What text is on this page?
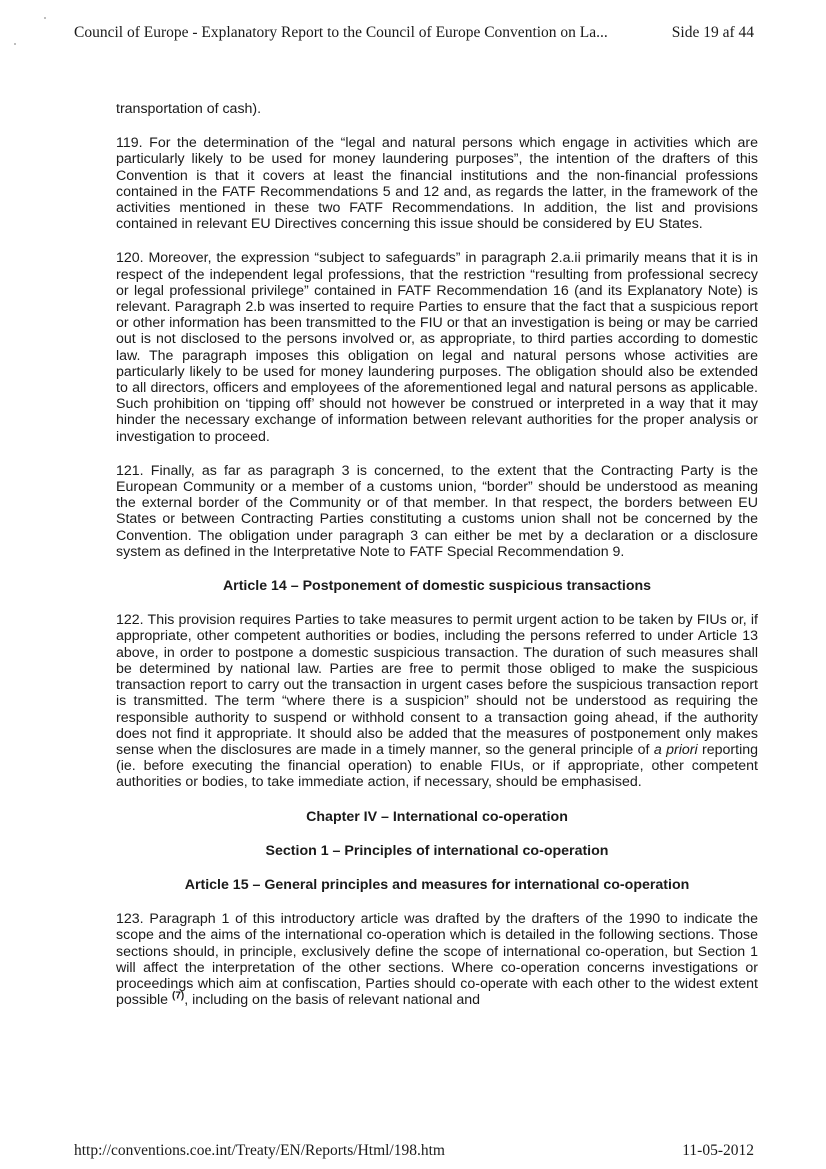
Council of Europe - Explanatory Report to the Council of Europe Convention on La...	Side 19 af 44

transportation of cash).

119. For the determination of the “legal and natural persons which engage in activities which are particularly likely to be used for money laundering purposes”, the intention of the drafters of this Convention is that it covers at least the financial institutions and the non-financial professions contained in the FATF Recommendations 5 and 12 and, as regards the latter, in the framework of the activities mentioned in these two FATF Recommendations. In addition, the list and provisions contained in relevant EU Directives concerning this issue should be considered by EU States.

120. Moreover, the expression “subject to safeguards” in paragraph 2.a.ii primarily means that it is in respect of the independent legal professions, that the restriction “resulting from professional secrecy or legal professional privilege” contained in FATF Recommendation 16 (and its Explanatory Note) is relevant. Paragraph 2.b was inserted to require Parties to ensure that the fact that a suspicious report or other information has been transmitted to the FIU or that an investigation is being or may be carried out is not disclosed to the persons involved or, as appropriate, to third parties according to domestic law. The paragraph imposes this obligation on legal and natural persons whose activities are particularly likely to be used for money laundering purposes. The obligation should also be extended to all directors, officers and employees of the aforementioned legal and natural persons as applicable. Such prohibition on ‘tipping off’ should not however be construed or interpreted in a way that it may hinder the necessary exchange of information between relevant authorities for the proper analysis or investigation to proceed.

121. Finally, as far as paragraph 3 is concerned, to the extent that the Contracting Party is the European Community or a member of a customs union, “border” should be understood as meaning the external border of the Community or of that member. In that respect, the borders between EU States or between Contracting Parties constituting a customs union shall not be concerned by the Convention. The obligation under paragraph 3 can either be met by a declaration or a disclosure system as defined in the Interpretative Note to FATF Special Recommendation 9.

Article 14 – Postponement of domestic suspicious transactions

122. This provision requires Parties to take measures to permit urgent action to be taken by FIUs or, if appropriate, other competent authorities or bodies, including the persons referred to under Article 13 above, in order to postpone a domestic suspicious transaction. The duration of such measures shall be determined by national law. Parties are free to permit those obliged to make the suspicious transaction report to carry out the transaction in urgent cases before the suspicious transaction report is transmitted. The term “where there is a suspicion” should not be understood as requiring the responsible authority to suspend or withhold consent to a transaction going ahead, if the authority does not find it appropriate. It should also be added that the measures of postponement only makes sense when the disclosures are made in a timely manner, so the general principle of a priori reporting (ie. before executing the financial operation) to enable FIUs, or if appropriate, other competent authorities or bodies, to take immediate action, if necessary, should be emphasised.

Chapter IV – International co-operation
Section 1 – Principles of international co-operation
Article 15 – General principles and measures for international co-operation

123. Paragraph 1 of this introductory article was drafted by the drafters of the 1990 to indicate the scope and the aims of the international co-operation which is detailed in the following sections. Those sections should, in principle, exclusively define the scope of international co-operation, but Section 1 will affect the interpretation of the other sections. Where co-operation concerns investigations or proceedings which aim at confiscation, Parties should co-operate with each other to the widest extent possible $^{(7)}$, including on the basis of relevant national and

http://conventions.coe.int/Treaty/EN/Reports/Html/198.htm	11-05-2012
